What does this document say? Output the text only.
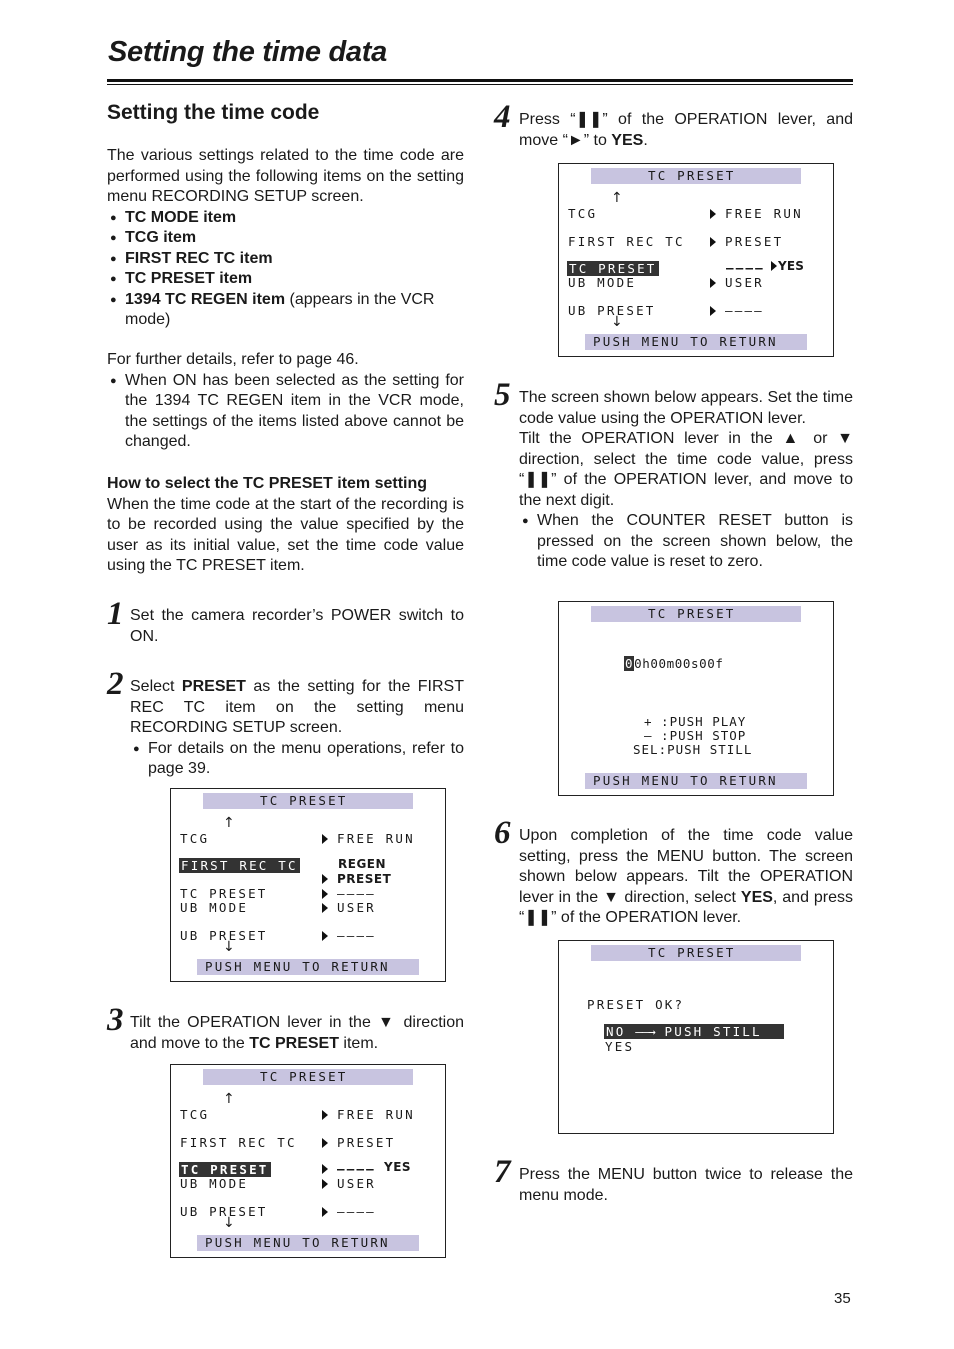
Setting the time data
Setting the time code
The various settings related to the time code are performed using the following items on the setting menu RECORDING SETUP screen.
● TC MODE item
● TCG item
● FIRST REC TC item
● TC PRESET item
● 1394 TC REGEN item (appears in the VCR mode)
For further details, refer to page 46.
● When ON has been selected as the setting for the 1394 TC REGEN item in the VCR mode, the settings of the items listed above cannot be changed.
How to select the TC PRESET item setting
When the time code at the start of the recording is to be recorded using the value specified by the user as its initial value, set the time code value using the TC PRESET item.
1 Set the camera recorder’s POWER switch to ON.
2 Select PRESET as the setting for the FIRST REC TC item on the setting menu RECORDING SETUP screen.
● For details on the menu operations, refer to page 39.
TC PRESET
↑
TCG	FREE RUN
FIRST REC TC	REGEN
PRESET
TC PRESET	––––
UB MODE	USER
UB PRESET	––––
↓
PUSH MENU TO RETURN
3 Tilt the OPERATION lever in the ▼ direction and move to the TC PRESET item.
TC PRESET
↑
TCG	FREE RUN
FIRST REC TC	PRESET
TC PRESET	–––– YES
UB MODE	USER
UB PRESET	––––
↓
PUSH MENU TO RETURN
4 Press “❚❚” of the OPERATION lever, and move “►” to YES.
TC PRESET
↑
TCG	FREE RUN
FIRST REC TC	PRESET
TC PRESET	––––	YES
UB MODE	USER
UB PRESET	––––
↓
PUSH MENU TO RETURN
5 The screen shown below appears. Set the time code value using the OPERATION lever.
Tilt the OPERATION lever in the ▲ or ▼ direction, select the time code value, press “❚❚” of the OPERATION lever, and move to the next digit.
● When the COUNTER RESET button is pressed on the screen shown below, the time code value is reset to zero.
TC PRESET
00h00m00s00f
+ :PUSH PLAY
– :PUSH STOP
SEL:PUSH STILL
PUSH MENU TO RETURN
6 Upon completion of the time code value setting, press the MENU button. The screen shown below appears. Tilt the OPERATION lever in the ▼ direction, select YES, and press “❚❚” of the OPERATION lever.
TC PRESET
PRESET OK?
NO ——→ PUSH STILL
YES
7 Press the MENU button twice to release the menu mode.
35
